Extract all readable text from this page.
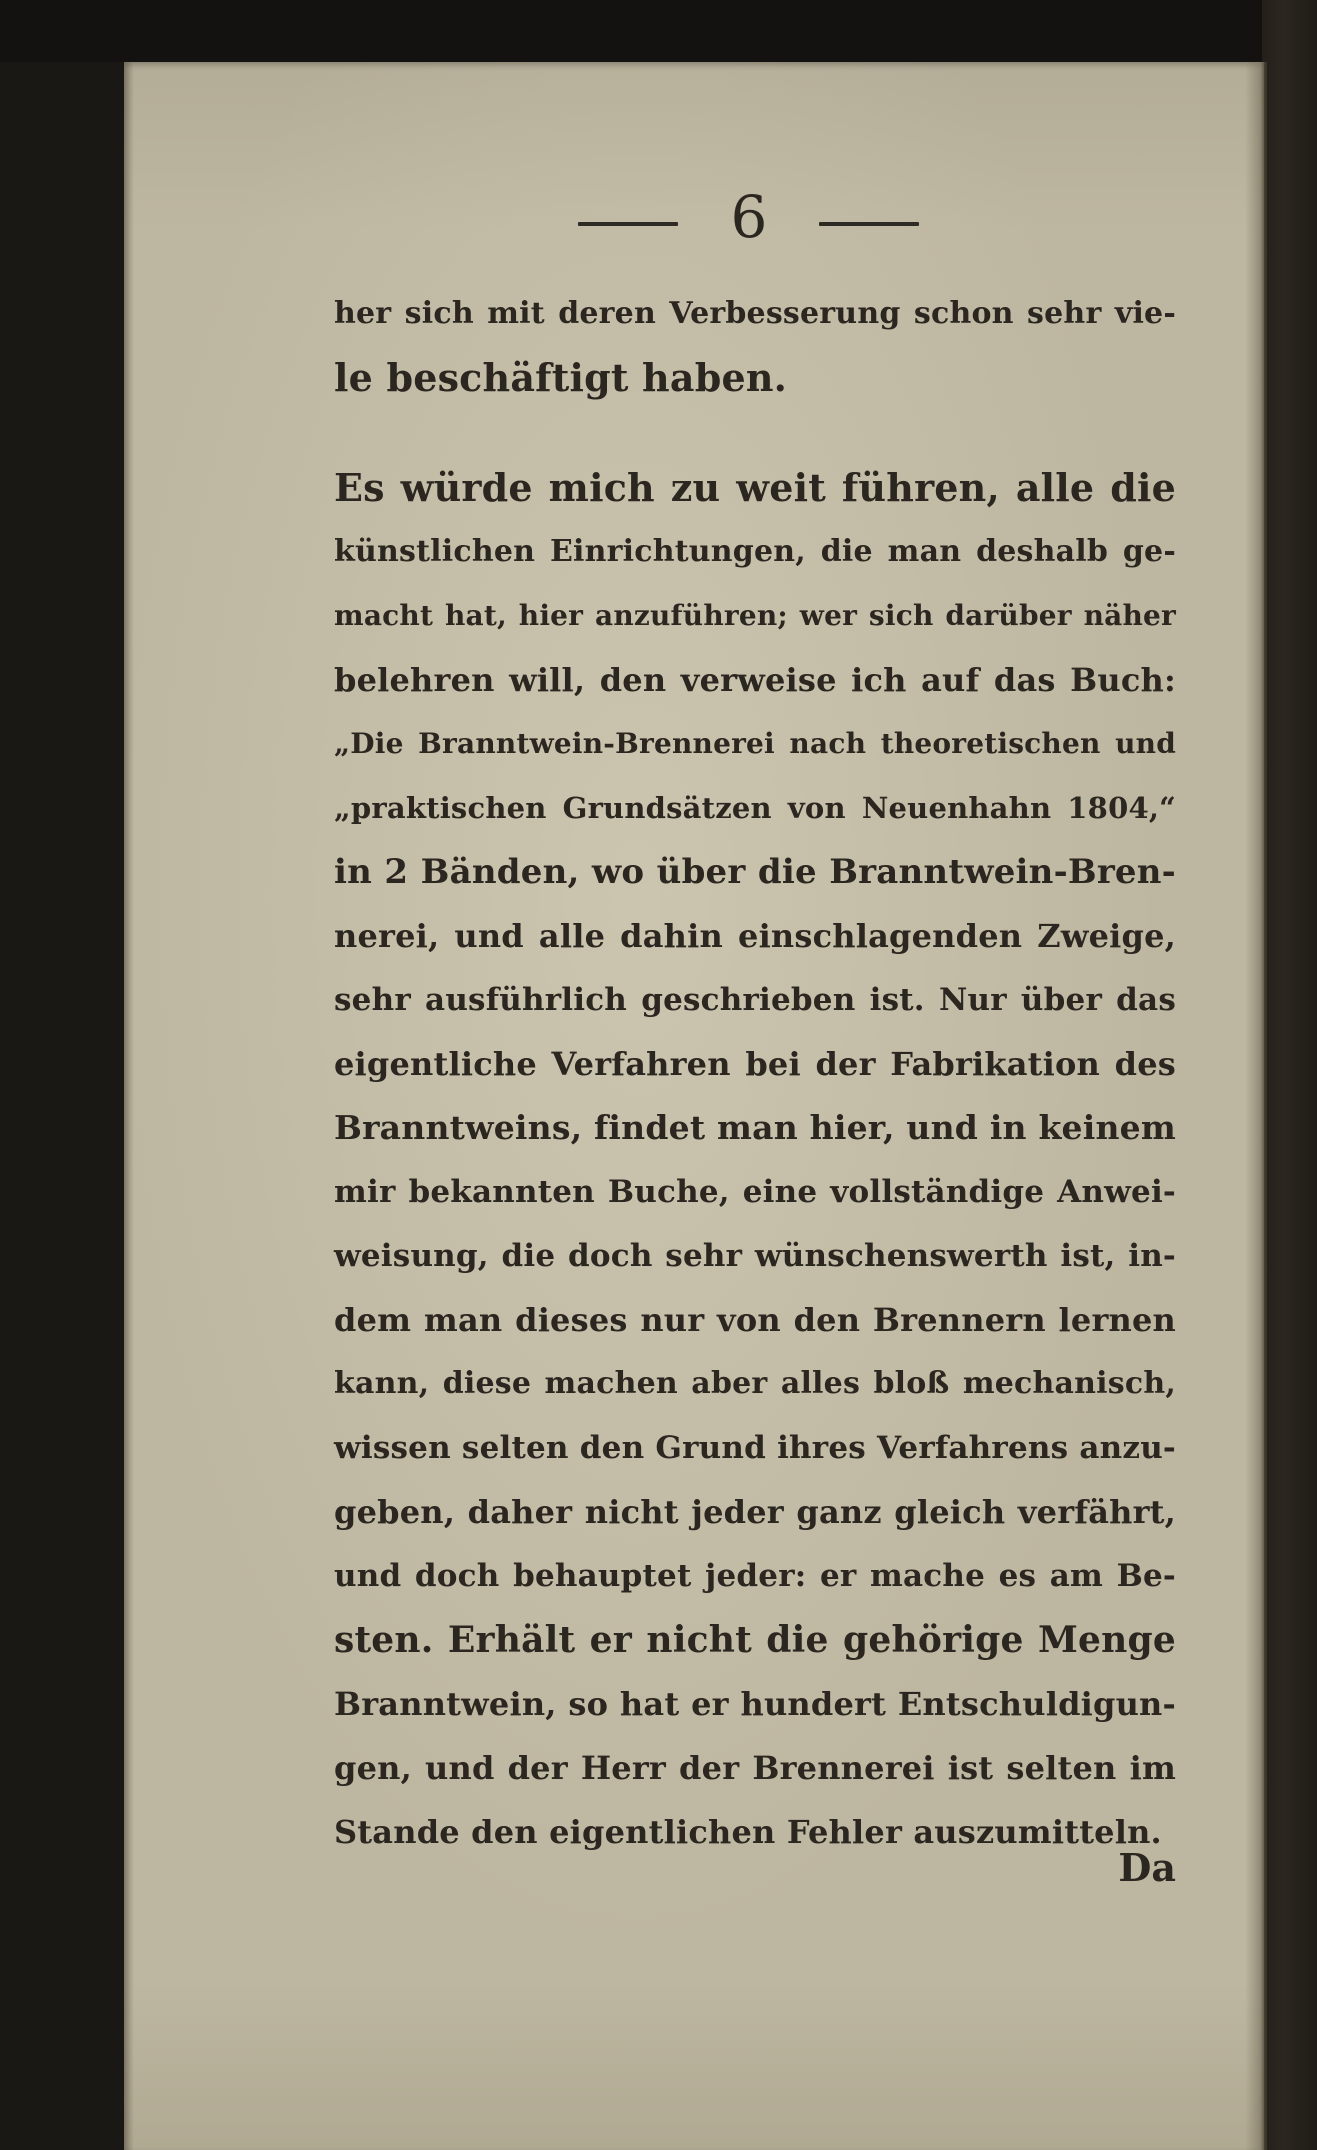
6
her sich mit deren Verbesserung schon sehr vie-
le beschäftigt haben.
Es würde mich zu weit führen, alle die
künstlichen Einrichtungen, die man deshalb ge-
macht hat, hier anzuführen; wer sich darüber näher
belehren will, den verweise ich auf das Buch:
„Die Branntwein-Brennerei nach theoretischen und
„praktischen Grundsätzen von Neuenhahn 1804,“
in 2 Bänden, wo über die Branntwein-Bren-
nerei, und alle dahin einschlagenden Zweige,
sehr ausführlich geschrieben ist. Nur über das
eigentliche Verfahren bei der Fabrikation des
Branntweins, findet man hier, und in keinem
mir bekannten Buche, eine vollständige Anwei-
weisung, die doch sehr wünschenswerth ist, in-
dem man dieses nur von den Brennern lernen
kann, diese machen aber alles bloß mechanisch,
wissen selten den Grund ihres Verfahrens anzu-
geben, daher nicht jeder ganz gleich verfährt,
und doch behauptet jeder: er mache es am Be-
sten. Erhält er nicht die gehörige Menge
Branntwein, so hat er hundert Entschuldigun-
gen, und der Herr der Brennerei ist selten im
Stande den eigentlichen Fehler auszumitteln.
Da
